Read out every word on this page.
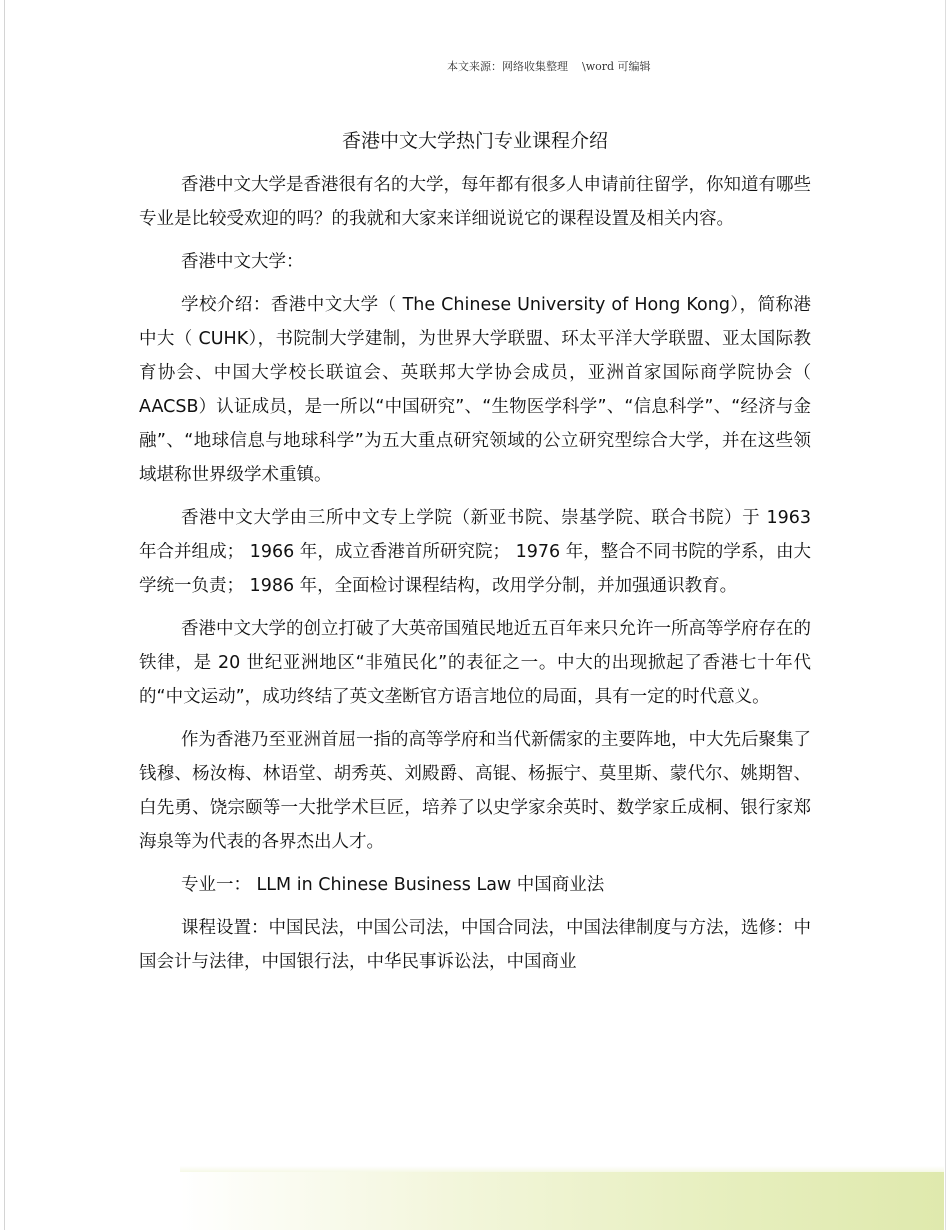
本文来源：网络收集整理    \word 可编辑
香港中文大学热门专业课程介绍

香港中文大学是香港很有名的大学，每年都有很多人申请前往留学，你知道有哪些专业是比较受欢迎的吗？的我就和大家来详细说说它的课程设置及相关内容。

香港中文大学：

学校介绍：香港中文大学（ The Chinese University of Hong Kong），简称港中大（ CUHK），书院制大学建制，为世界大学联盟、环太平洋大学联盟、亚太国际教育协会、中国大学校长联谊会、英联邦大学协会成员，亚洲首家国际商学院协会（ AACSB）认证成员，是一所以“中国研究”、“生物医学科学”、“信息科学”、“经济与金融”、“地球信息与地球科学”为五大重点研究领域的公立研究型综合大学，并在这些领域堪称世界级学术重镇。

香港中文大学由三所中文专上学院（新亚书院、崇基学院、联合书院）于 1963 年合并组成； 1966 年，成立香港首所研究院； 1976 年，整合不同书院的学系，由大学统一负责； 1986 年，全面检讨课程结构，改用学分制，并加强通识教育。

香港中文大学的创立打破了大英帝国殖民地近五百年来只允许一所高等学府存在的铁律，是 20 世纪亚洲地区“非殖民化”的表征之一。中大的出现掀起了香港七十年代的“中文运动”，成功终结了英文垄断官方语言地位的局面，具有一定的时代意义。

作为香港乃至亚洲首屈一指的高等学府和当代新儒家的主要阵地，中大先后聚集了钱穆、杨汝梅、林语堂、胡秀英、刘殿爵、高锟、杨振宁、莫里斯、蒙代尔、姚期智、白先勇、饶宗颐等一大批学术巨匠，培养了以史学家余英时、数学家丘成桐、银行家郑海泉等为代表的各界杰出人才。

专业一： LLM in Chinese Business Law 中国商业法

课程设置：中国民法，中国公司法，中国合同法，中国法律制度与方法，选修：中国会计与法律，中国银行法，中华民事诉讼法，中国商业
